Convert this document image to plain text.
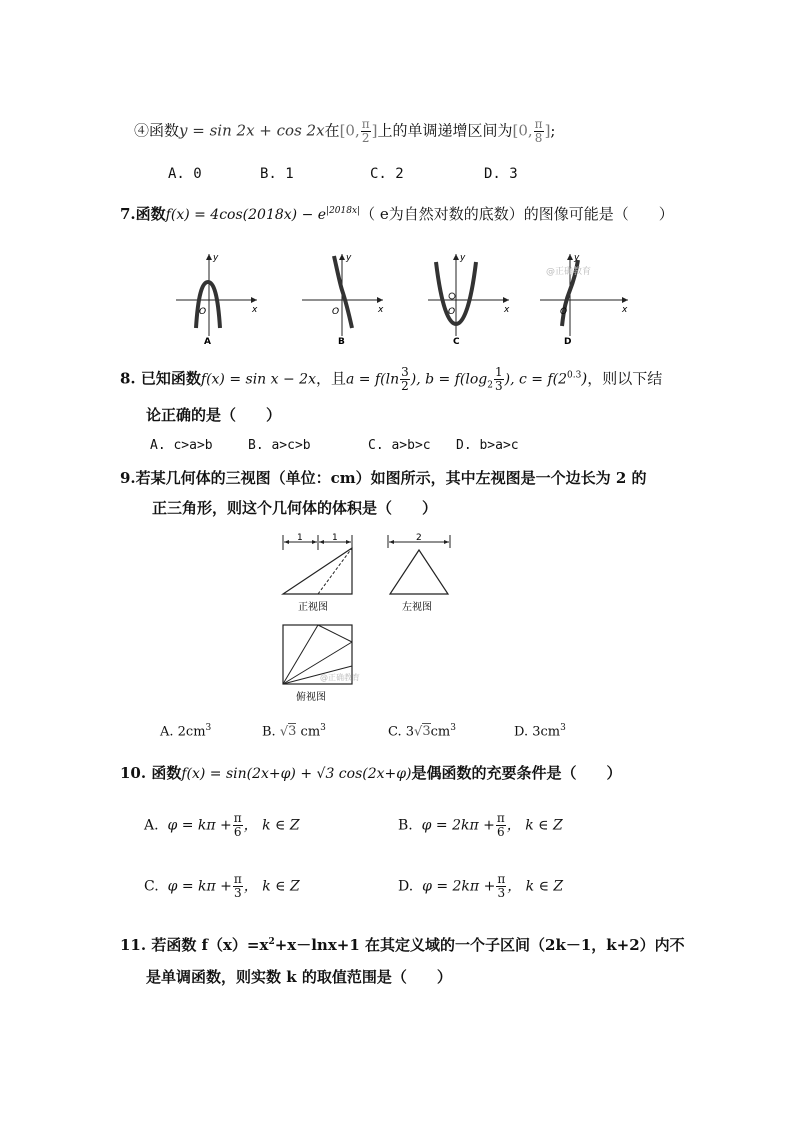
④函数y = sin 2x + cos 2x在[0, $\frac{\pi}{2}$ ]上的单调递增区间为[0, $\frac{\pi}{8}$ ];
A. 0	B. 1	C. 2	D. 3
7.函数$f(x) = 4\cos(2018x) - e^{|2018x|}$（ e为自然对数的底数）的图像可能是（　　）
y
x
O
A
y
x
O
B
y
x
O
C
y
x
O
D
@正确教育
8. 已知函数f(x) = sin x − 2x，且$a = f(\ln \frac{3}{2}$ ), $b = f(\log_2 \frac{1}{3}$ ), $c = f(2^{0.3})$，则以下结
论正确的是（　　）
A. c>a>b	B. a>c>b	C. a>b>c D. b>a>c
9.若某几何体的三视图（单位：cm）如图所示，其中左视图是一个边长为 2 的
正三角形，则这个几何体的体积是（　　）
1	1
正视图
2
左视图
@正确教育
俯视图
A. $2cm^3$	B. √3 $cm^3$	C. $3√3cm^3$	D. $3cm^3$
10. 函数f(x) = sin(2x+φ) + √3 cos(2x+φ)是偶函数的充要条件是（　　）
A. $\varphi = k\pi + \frac{\pi}{6}$ ， k ∈ Z	B. $\varphi = 2k\pi + \frac{\pi}{6}$ ， k ∈ Z
C. $\varphi = k\pi + \frac{\pi}{3}$ ， k ∈ Z	D. $\varphi = 2k\pi + \frac{\pi}{3}$ ， k ∈ Z
11. 若函数 $f(x)=x^2+x-\ln x+1$ 在其定义域的一个子区间（2k－1，k+2）内不
是单调函数，则实数 k 的取值范围是（　　）
